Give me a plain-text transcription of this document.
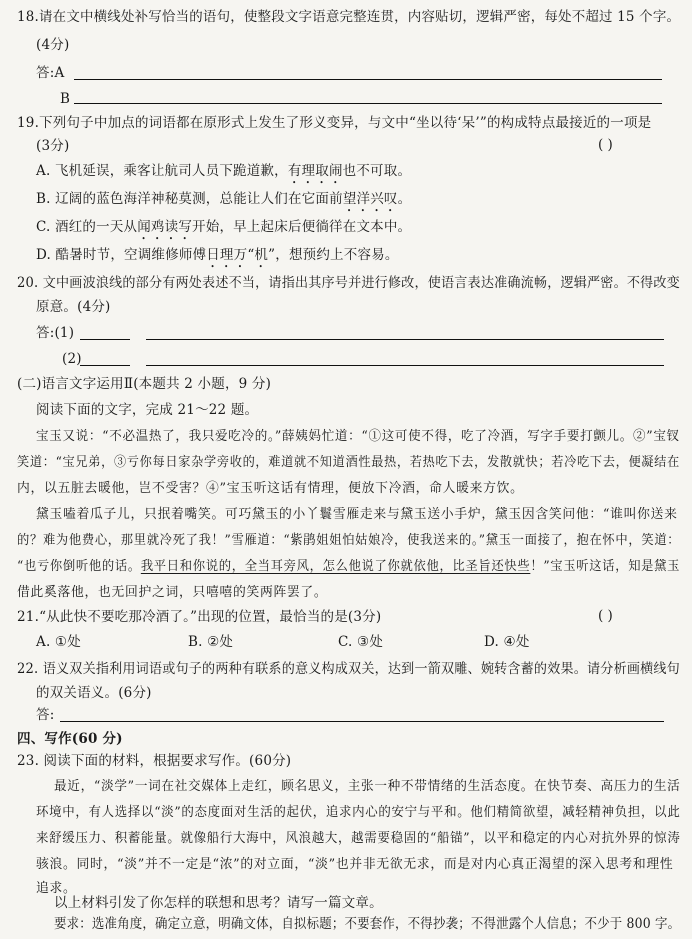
18.请在文中横线处补写恰当的语句，使整段文字语意完整连贯，内容贴切，逻辑严密，每处不超过 15 个字。
(4分)
答:A
B
19.下列句子中加点的词语都在原形式上发生了形义变异，与文中“坐以待‘呆’”的构成特点最接近的一项是
(3分)	( )
A. 飞机延误，乘客让航司人员下跪道歉，有理取闹也不可取。
B. 辽阔的蓝色海洋神秘莫测，总能让人们在它面前望洋兴叹。
C. 酒红的一天从闻鸡读写开始，早上起床后便徜徉在文本中。
D. 酷暑时节，空调维修师傅日理万“机”，想预约上不容易。
20. 文中画波浪线的部分有两处表述不当，请指出其序号并进行修改，使语言表达准确流畅，逻辑严密。不得改变
原意。(4分)
答:(1)
(2)
(二)语言文字运用Ⅱ(本题共 2 小题，9 分)
阅读下面的文字，完成 21～22 题。
宝玉又说：“不必温热了，我只爱吃冷的。”薛姨妈忙道：“①这可使不得，吃了冷酒，写字手要打颤儿。②”宝钗
笑道：“宝兄弟，③亏你每日家杂学旁收的，难道就不知道酒性最热，若热吃下去，发散就快；若冷吃下去，便凝结在
内，以五脏去暖他，岂不受害？④”宝玉听这话有情理，便放下冷酒，命人暖来方饮。
黛玉嗑着瓜子儿，只抿着嘴笑。可巧黛玉的小丫鬟雪雁走来与黛玉送小手炉，黛玉因含笑问他：“谁叫你送来
的？难为他费心，那里就冷死了我！”雪雁道：“紫鹃姐姐怕姑娘冷，使我送来的。”黛玉一面接了，抱在怀中，笑道：
“也亏你倒听他的话。我平日和你说的，全当耳旁风，怎么他说了你就依他，比圣旨还快些！”宝玉听这话，知是黛玉
借此奚落他，也无回护之词，只嘻嘻的笑两阵罢了。
21.“从此快不要吃那冷酒了。”出现的位置，最恰当的是(3分)	( )
A. ①处	B. ②处	C. ③处	D. ④处
22. 语义双关指利用词语或句子的两种有联系的意义构成双关，达到一箭双雕、婉转含蓄的效果。请分析画横线句
的双关语义。(6分)
答:
四、写作(60 分)
23. 阅读下面的材料，根据要求写作。(60分)
最近，“淡学”一词在社交媒体上走红，顾名思义，主张一种不带情绪的生活态度。在快节奏、高压力的生活
环境中，有人选择以“淡”的态度面对生活的起伏，追求内心的安宁与平和。他们精简欲望，减轻精神负担，以此
来舒缓压力、积蓄能量。就像船行大海中，风浪越大，越需要稳固的“船锚”，以平和稳定的内心对抗外界的惊涛
骇浪。同时，“淡”并不一定是“浓”的对立面，“淡”也并非无欲无求，而是对内心真正渴望的深入思考和理性
追求。
以上材料引发了你怎样的联想和思考？请写一篇文章。
要求：选准角度，确定立意，明确文体，自拟标题；不要套作，不得抄袭；不得泄露个人信息；不少于 800 字。
